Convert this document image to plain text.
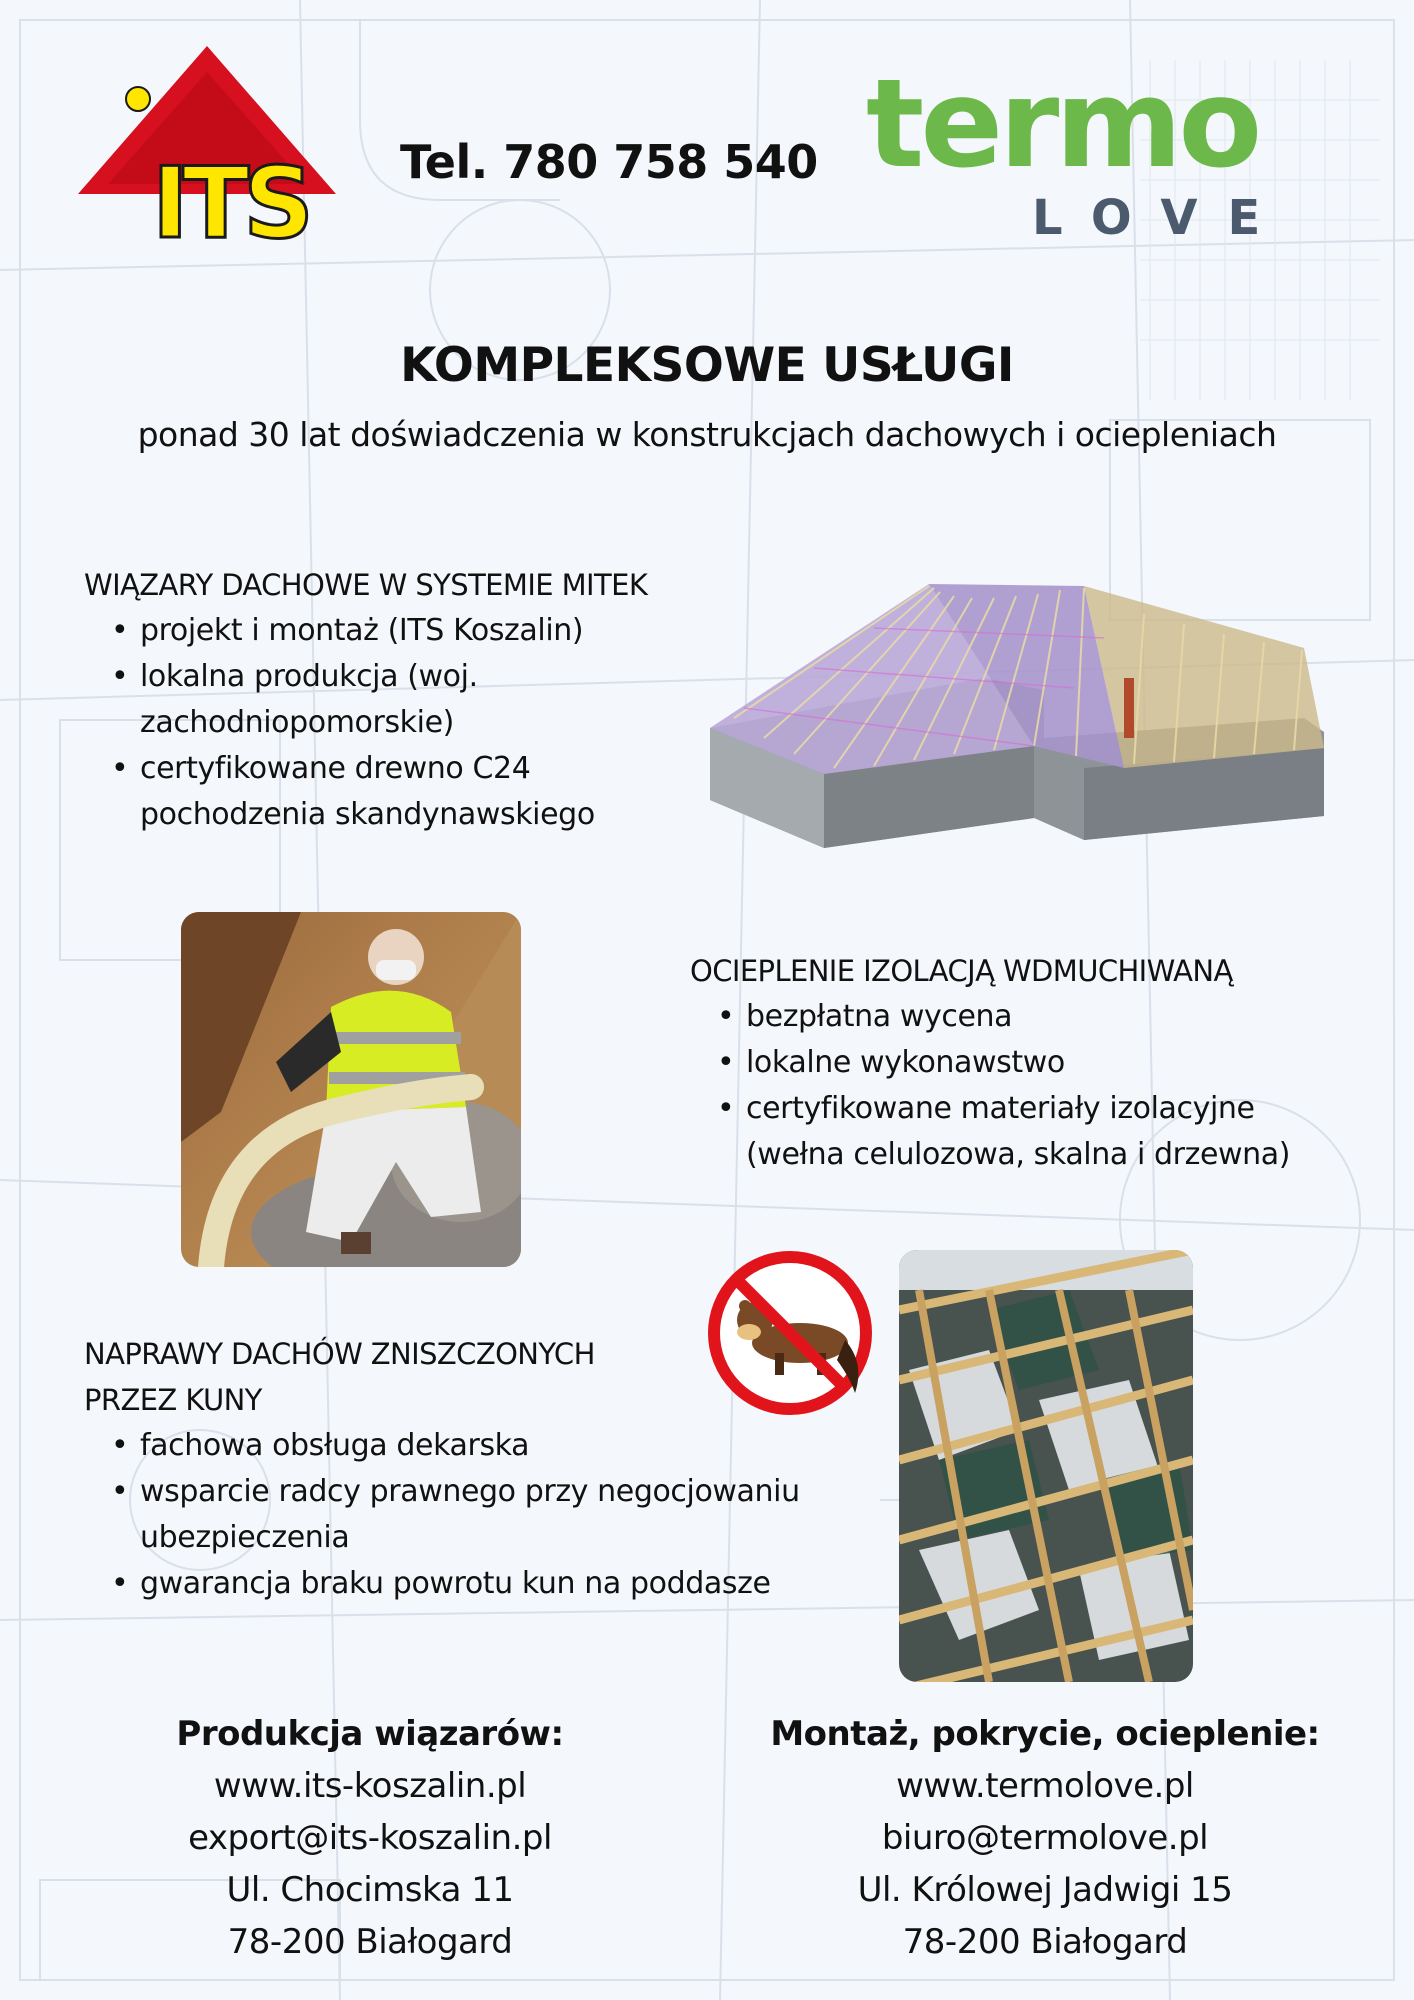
ITS Tel. 780 758 540 termo
LOVE
KOMPLEKSOWE USŁUGI
ponad 30 lat doświadczenia w konstrukcjach dachowych i ociepleniach
WIĄZARY DACHOWE W SYSTEMIE MITEK
• projekt i montaż (ITS Koszalin)
• lokalna produkcja (woj. zachodniopomorskie)
• certyfikowane drewno C24 pochodzenia skandynawskiego
OCIEPLENIE IZOLACJĄ WDMUCHIWANĄ
• bezpłatna wycena
• lokalne wykonawstwo
• certyfikowane materiały izolacyjne (wełna celulozowa, skalna i drzewna)
NAPRAWY DACHÓW ZNISZCZONYCH
PRZEZ KUNY
• fachowa obsługa dekarska
• wsparcie radcy prawnego przy negocjowaniu ubezpieczenia
• gwarancja braku powrotu kun na poddasze
Produkcja wiązarów:
www.its-koszalin.pl
export@its-koszalin.pl
Ul. Chocimska 11
78-200 Białogard
Montaż, pokrycie, ocieplenie:
www.termolove.pl
biuro@termolove.pl
Ul. Królowej Jadwigi 15
78-200 Białogard
